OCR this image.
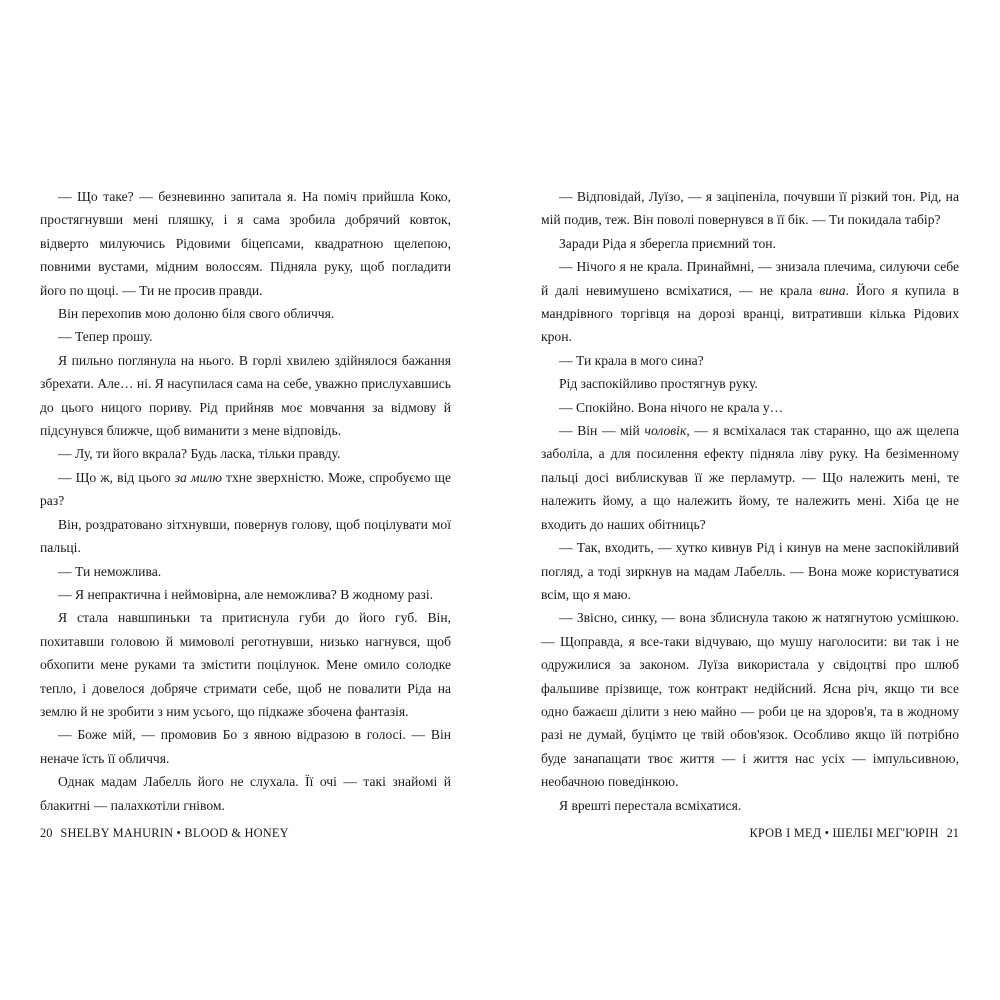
— Що таке? — безневинно запитала я. На поміч прийшла Коко, простягнувши мені пляшку, і я сама зробила добрячий ковток, відверто милуючись Рідовими біцепсами, квадратною щелепою, повними вустами, мідним волоссям. Підняла руку, щоб погладити його по щоці. — Ти не просив правди.

Він перехопив мою долоню біля свого обличчя.

— Тепер прошу.

Я пильно поглянула на нього. В горлі хвилею здійнялося бажання збрехати. Але… ні. Я насупилася сама на себе, уважно прислухавшись до цього ницого пориву. Рід прийняв моє мовчання за відмову й підсунувся ближче, щоб виманити з мене відповідь.

— Лу, ти його вкрала? Будь ласка, тільки правду.

— Що ж, від цього за милю тхне зверхністю. Може, спробуємо ще раз?

Він, роздратовано зітхнувши, повернув голову, щоб поцілувати мої пальці.

— Ти неможлива.

— Я непрактична і неймовірна, але неможлива? В жодному разі.

Я стала навшпиньки та притиснула губи до його губ. Він, похитавши головою й мимоволі реготнувши, низько нагнувся, щоб обхопити мене руками та змістити поцілунок. Мене омило солодке тепло, і довелося добряче стримати себе, щоб не повалити Ріда на землю й не зробити з ним усього, що підкаже збочена фантазія.

— Боже мій, — промовив Бо з явною відразою в голосі. — Він неначе їсть її обличчя.

Однак мадам Лабелль його не слухала. Її очі — такі знайомі й блакитні — палахкотіли гнівом.

— Відповідай, Луїзо, — я заціпеніла, почувши її різкий тон. Рід, на мій подив, теж. Він поволі повернувся в її бік. — Ти покидала табір?

Заради Ріда я зберегла приємний тон.

— Нічого я не крала. Принаймні, — знизала плечима, силуючи себе й далі невимушено всміхатися, — не крала вина. Його я купила в мандрівного торгівця на дорозі вранці, витративши кілька Рідових крон.

— Ти крала в мого сина?

Рід заспокійливо простягнув руку.

— Спокійно. Вона нічого не крала у…

— Він — мій чоловік, — я всміхалася так старанно, що аж щелепа заболіла, а для посилення ефекту підняла ліву руку. На безіменному пальці досі виблискував її же перламутр. — Що належить мені, те належить йому, а що належить йому, те належить мені. Хіба це не входить до наших обітниць?

— Так, входить, — хутко кивнув Рід і кинув на мене заспокійливий погляд, а тоді зиркнув на мадам Лабелль. — Вона може користуватися всім, що я маю.

— Звісно, синку, — вона зблиснула такою ж натягнутою усмішкою. — Щоправда, я все-таки відчуваю, що мушу наголосити: ви так і не одружилися за законом. Луїза використала у свідоцтві про шлюб фальшиве прізвище, тож контракт недійсний. Ясна річ, якщо ти все одно бажаєш ділити з нею майно — роби це на здоров'я, та в жодному разі не думай, буцімто це твій обов'язок. Особливо якщо їй потрібно буде занапащати твоє життя — і життя нас усіх — імпульсивною, необачною поведінкою.

Я врешті перестала всміхатися.

20 SHELBY MAHURIN • BLOOD & HONEY	КРОВ І МЕД • ШЕЛБІ МЕГ'ЮРІН 21
